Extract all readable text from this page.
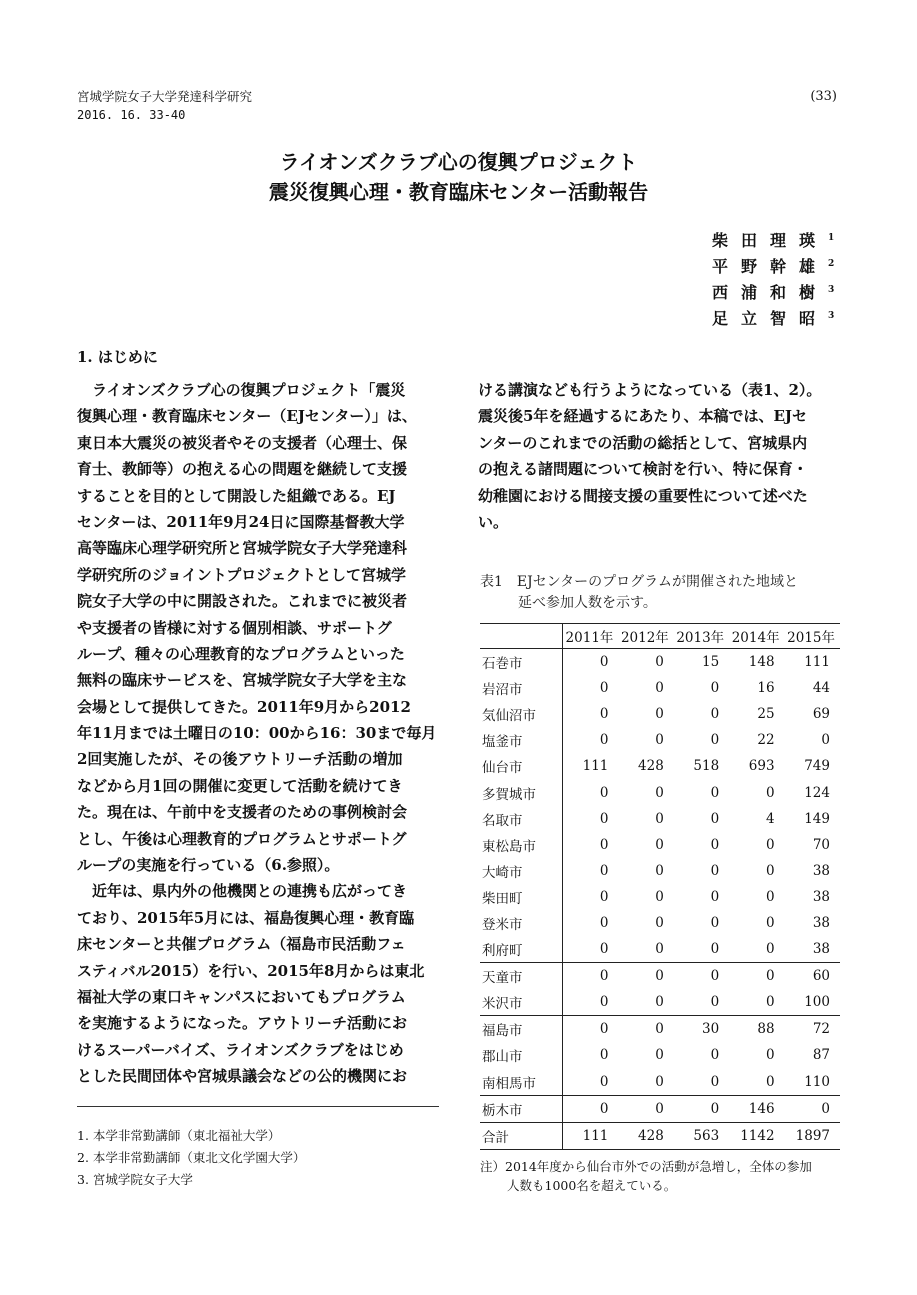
宮城学院女子大学発達科学研究
2016. 16. 33-40
(33)
ライオンズクラブ心の復興プロジェクト
震災復興心理・教育臨床センター活動報告
柴田理瑛$^1$
平野幹雄$^2$
西浦和樹$^3$
足立智昭$^3$
1. はじめに
　ライオンズクラブ心の復興プロジェクト「震災
復興心理・教育臨床センター（EJセンター）」は、
東日本大震災の被災者やその支援者（心理士、保
育士、教師等）の抱える心の問題を継続して支援
することを目的として開設した組織である。EJ
センターは、2011年9月24日に国際基督教大学
高等臨床心理学研究所と宮城学院女子大学発達科
学研究所のジョイントプロジェクトとして宮城学
院女子大学の中に開設された。これまでに被災者
や支援者の皆様に対する個別相談、サポートグ
ループ、種々の心理教育的なプログラムといった
無料の臨床サービスを、宮城学院女子大学を主な
会場として提供してきた。2011年9月から2012
年11月までは土曜日の10：00から16：30まで毎月
2回実施したが、その後アウトリーチ活動の増加
などから月1回の開催に変更して活動を続けてき
た。現在は、午前中を支援者のための事例検討会
とし、午後は心理教育的プログラムとサポートグ
ループの実施を行っている（6.参照）。
　近年は、県内外の他機関との連携も広がってき
ており、2015年5月には、福島復興心理・教育臨
床センターと共催プログラム（福島市民活動フェ
スティバル2015）を行い、2015年8月からは東北
福祉大学の東口キャンパスにおいてもプログラム
を実施するようになった。アウトリーチ活動にお
けるスーパーバイズ、ライオンズクラブをはじめ
とした民間団体や宮城県議会などの公的機関にお
ける講演なども行うようになっている（表1、2）。
震災後5年を経過するにあたり、本稿では、EJセ
ンターのこれまでの活動の総括として、宮城県内
の抱える諸問題について検討を行い、特に保育・
幼稚園における間接支援の重要性について述べた
い。
1. 本学非常勤講師（東北福祉大学）
2. 本学非常勤講師（東北文化学園大学）
3. 宮城学院女子大学
表1　EJセンターのプログラムが開催された地域と
延べ参加人数を示す。
	2011年	2012年	2013年	2014年	2015年
石巻市	0	0	15	148	111
岩沼市	0	0	0	16	44
気仙沼市	0	0	0	25	69
塩釜市	0	0	0	22	0
仙台市	111	428	518	693	749
多賀城市	0	0	0	0	124
名取市	0	0	0	4	149
東松島市	0	0	0	0	70
大崎市	0	0	0	0	38
柴田町	0	0	0	0	38
登米市	0	0	0	0	38
利府町	0	0	0	0	38
天童市	0	0	0	0	60
米沢市	0	0	0	0	100
福島市	0	0	30	88	72
郡山市	0	0	0	0	87
南相馬市	0	0	0	0	110
栃木市	0	0	0	146	0
合計	111	428	563	1142	1897
注）2014年度から仙台市外での活動が急増し，全体の参加
人数も1000名を超えている。
